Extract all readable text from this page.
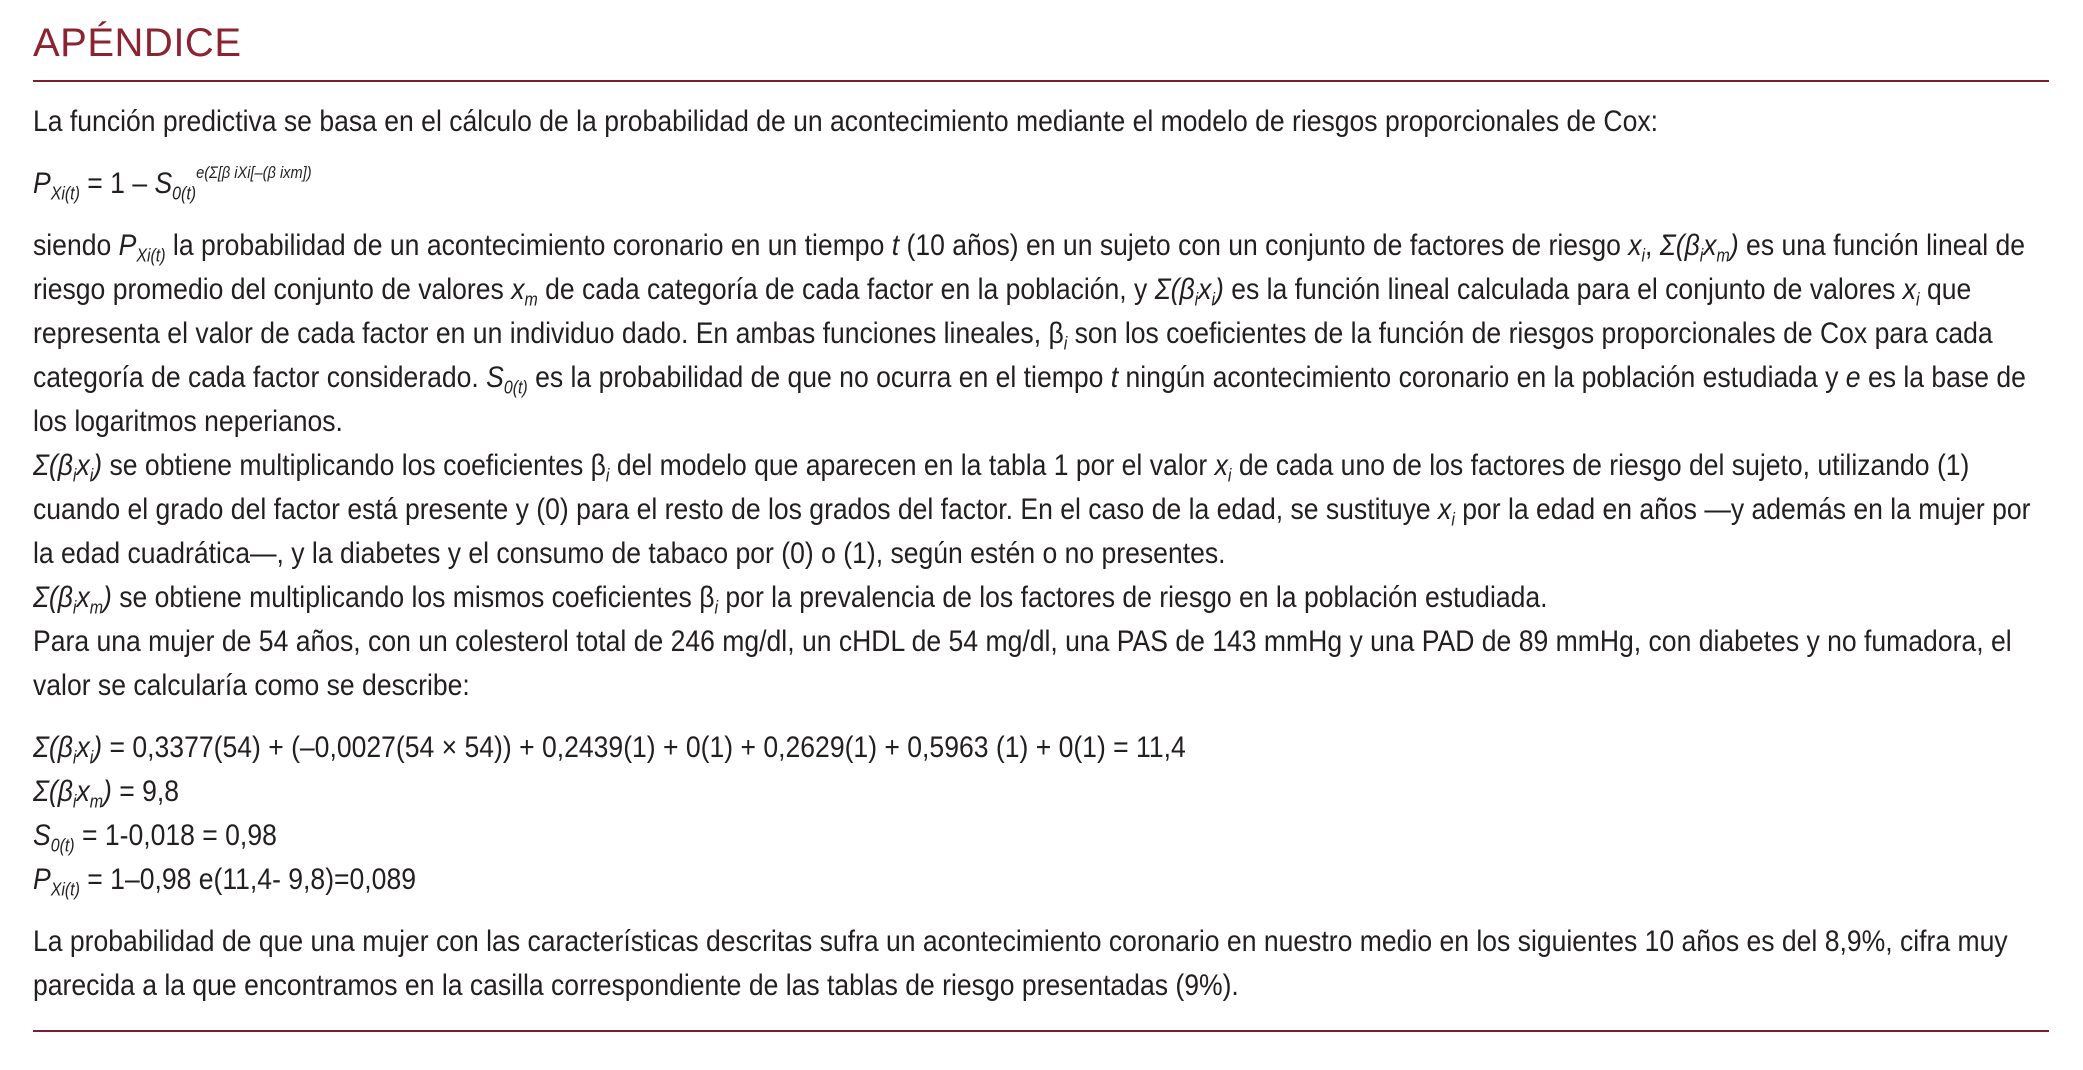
APÉNDICE

La función predictiva se basa en el cálculo de la probabilidad de un acontecimiento mediante el modelo de riesgos proporcionales de Cox:

$P_{Xi(t)} = 1 - S_{0(t)}^{e(\Sigma[\beta iXi[-(\beta ixm])}$

siendo $P_{Xi(t)}$ la probabilidad de un acontecimiento coronario en un tiempo t (10 años) en un sujeto con un conjunto de factores de riesgo $x_i$, $\Sigma(\beta_ix_m)$ es una función lineal de riesgo promedio del conjunto de valores $x_m$ de cada categoría de cada factor en la población, y $\Sigma(\beta_ix_i)$ es la función lineal calculada para el conjunto de valores $x_i$ que representa el valor de cada factor en un individuo dado. En ambas funciones lineales, $\beta_i$ son los coeficientes de la función de riesgos proporcionales de Cox para cada categoría de cada factor considerado. $S_{0(t)}$ es la probabilidad de que no ocurra en el tiempo t ningún acontecimiento coronario en la población estudiada y e es la base de los logaritmos neperianos.

$\Sigma(\beta_ix_i)$ se obtiene multiplicando los coeficientes $\beta_i$ del modelo que aparecen en la tabla 1 por el valor $x_i$ de cada uno de los factores de riesgo del sujeto, utilizando (1) cuando el grado del factor está presente y (0) para el resto de los grados del factor. En el caso de la edad, se sustituye $x_i$ por la edad en años —y además en la mujer por la edad cuadrática—, y la diabetes y el consumo de tabaco por (0) o (1), según estén o no presentes.

$\Sigma(\beta_ix_m)$ se obtiene multiplicando los mismos coeficientes $\beta_i$ por la prevalencia de los factores de riesgo en la población estudiada.

Para una mujer de 54 años, con un colesterol total de 246 mg/dl, un cHDL de 54 mg/dl, una PAS de 143 mmHg y una PAD de 89 mmHg, con diabetes y no fumadora, el valor se calcularía como se describe:

$\Sigma(\beta_ix_i) = 0,3377(54) + (-0,0027(54 \times 54)) + 0,2439(1) + 0(1) + 0,2629(1) + 0,5963$ (1) + 0(1) = 11,4

$\Sigma(\beta_ix_m) = 9,8$

$S_{0(t)} = 1-0,018 = 0,98$

$P_{Xi(t)} = 1-0,98$ e(11,4- 9,8)=0,089

La probabilidad de que una mujer con las características descritas sufra un acontecimiento coronario en nuestro medio en los siguientes 10 años es del 8,9%, cifra muy parecida a la que encontramos en la casilla correspondiente de las tablas de riesgo presentadas (9%).
